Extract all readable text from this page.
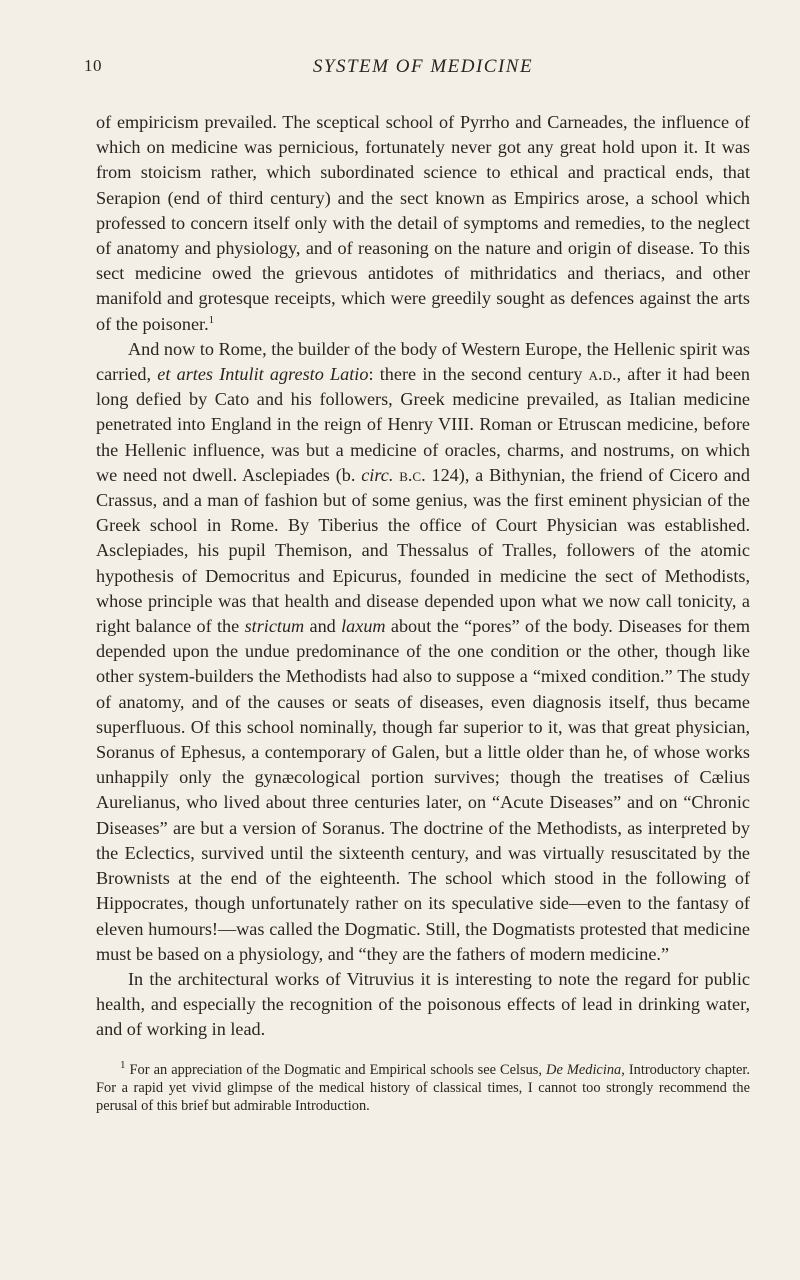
10	SYSTEM OF MEDICINE

of empiricism prevailed. The sceptical school of Pyrrho and Carneades, the influence of which on medicine was pernicious, fortunately never got any great hold upon it. It was from stoicism rather, which subordinated science to ethical and practical ends, that Serapion (end of third century) and the sect known as Empirics arose, a school which professed to concern itself only with the detail of symptoms and remedies, to the neglect of anatomy and physiology, and of reasoning on the nature and origin of disease. To this sect medicine owed the grievous antidotes of mithridatics and theriacs, and other manifold and grotesque receipts, which were greedily sought as defences against the arts of the poisoner.$^1$

And now to Rome, the builder of the body of Western Europe, the Hellenic spirit was carried, et artes Intulit agresto Latio: there in the second century a.d., after it had been long defied by Cato and his followers, Greek medicine prevailed, as Italian medicine penetrated into England in the reign of Henry VIII. Roman or Etruscan medicine, before the Hellenic influence, was but a medicine of oracles, charms, and nostrums, on which we need not dwell. Asclepiades (b. circ. b.c. 124), a Bithynian, the friend of Cicero and Crassus, and a man of fashion but of some genius, was the first eminent physician of the Greek school in Rome. By Tiberius the office of Court Physician was established. Asclepiades, his pupil Themison, and Thessalus of Tralles, followers of the atomic hypothesis of Democritus and Epicurus, founded in medicine the sect of Methodists, whose principle was that health and disease depended upon what we now call tonicity, a right balance of the strictum and laxum about the “pores” of the body. Diseases for them depended upon the undue predominance of the one condition or the other, though like other system-builders the Methodists had also to suppose a “mixed condition.” The study of anatomy, and of the causes or seats of diseases, even diagnosis itself, thus became superfluous. Of this school nominally, though far superior to it, was that great physician, Soranus of Ephesus, a contemporary of Galen, but a little older than he, of whose works unhappily only the gynæcological portion survives; though the treatises of Cælius Aurelianus, who lived about three centuries later, on “Acute Diseases” and on “Chronic Diseases” are but a version of Soranus. The doctrine of the Methodists, as interpreted by the Eclectics, survived until the sixteenth century, and was virtually resuscitated by the Brownists at the end of the eighteenth. The school which stood in the following of Hippocrates, though unfortunately rather on its speculative side—even to the fantasy of eleven humours!—was called the Dogmatic. Still, the Dogmatists protested that medicine must be based on a physiology, and “they are the fathers of modern medicine.”

In the architectural works of Vitruvius it is interesting to note the regard for public health, and especially the recognition of the poisonous effects of lead in drinking water, and of working in lead.

$^1$ For an appreciation of the Dogmatic and Empirical schools see Celsus, De Medicina, Introductory chapter. For a rapid yet vivid glimpse of the medical history of classical times, I cannot too strongly recommend the perusal of this brief but admirable Introduction.
